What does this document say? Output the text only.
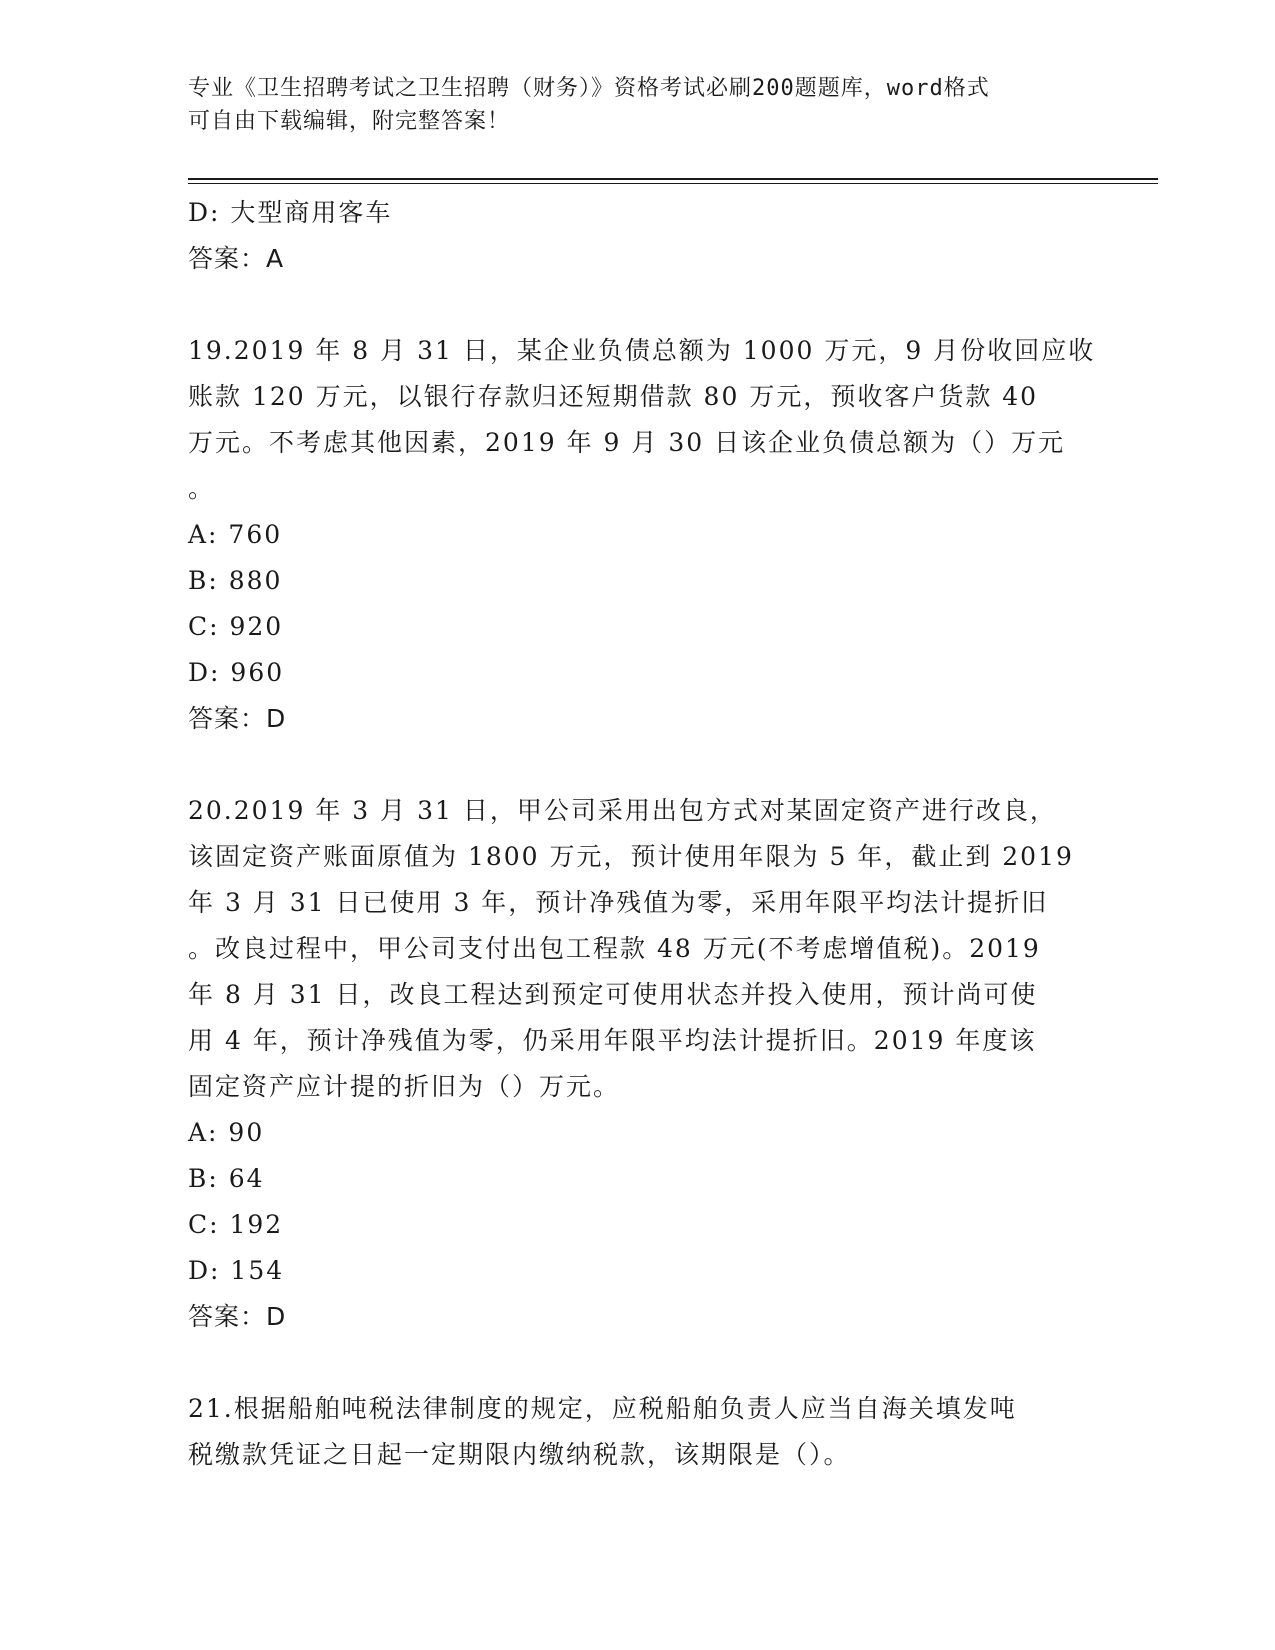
专业《卫生招聘考试之卫生招聘（财务）》资格考试必刷200题题库，word格式
可自由下载编辑，附完整答案！
D: 大型商用客车
答案：A
19.2019 年 8 月 31 日，某企业负债总额为 1000 万元，9 月份收回应收
账款 120 万元，以银行存款归还短期借款 80 万元，预收客户货款 40
万元。不考虑其他因素，2019 年 9 月 30 日该企业负债总额为（）万元
。
A: 760
B: 880
C: 920
D: 960
答案：D
20.2019 年 3 月 31 日，甲公司采用出包方式对某固定资产进行改良，
该固定资产账面原值为 1800 万元，预计使用年限为 5 年，截止到 2019
年 3 月 31 日已使用 3 年，预计净残值为零，采用年限平均法计提折旧
。改良过程中，甲公司支付出包工程款 48 万元(不考虑增值税)。2019
年 8 月 31 日，改良工程达到预定可使用状态并投入使用，预计尚可使
用 4 年，预计净残值为零，仍采用年限平均法计提折旧。2019 年度该
固定资产应计提的折旧为（）万元。
A: 90
B: 64
C: 192
D: 154
答案：D
21.根据船舶吨税法律制度的规定，应税船舶负责人应当自海关填发吨
税缴款凭证之日起一定期限内缴纳税款，该期限是（）。
